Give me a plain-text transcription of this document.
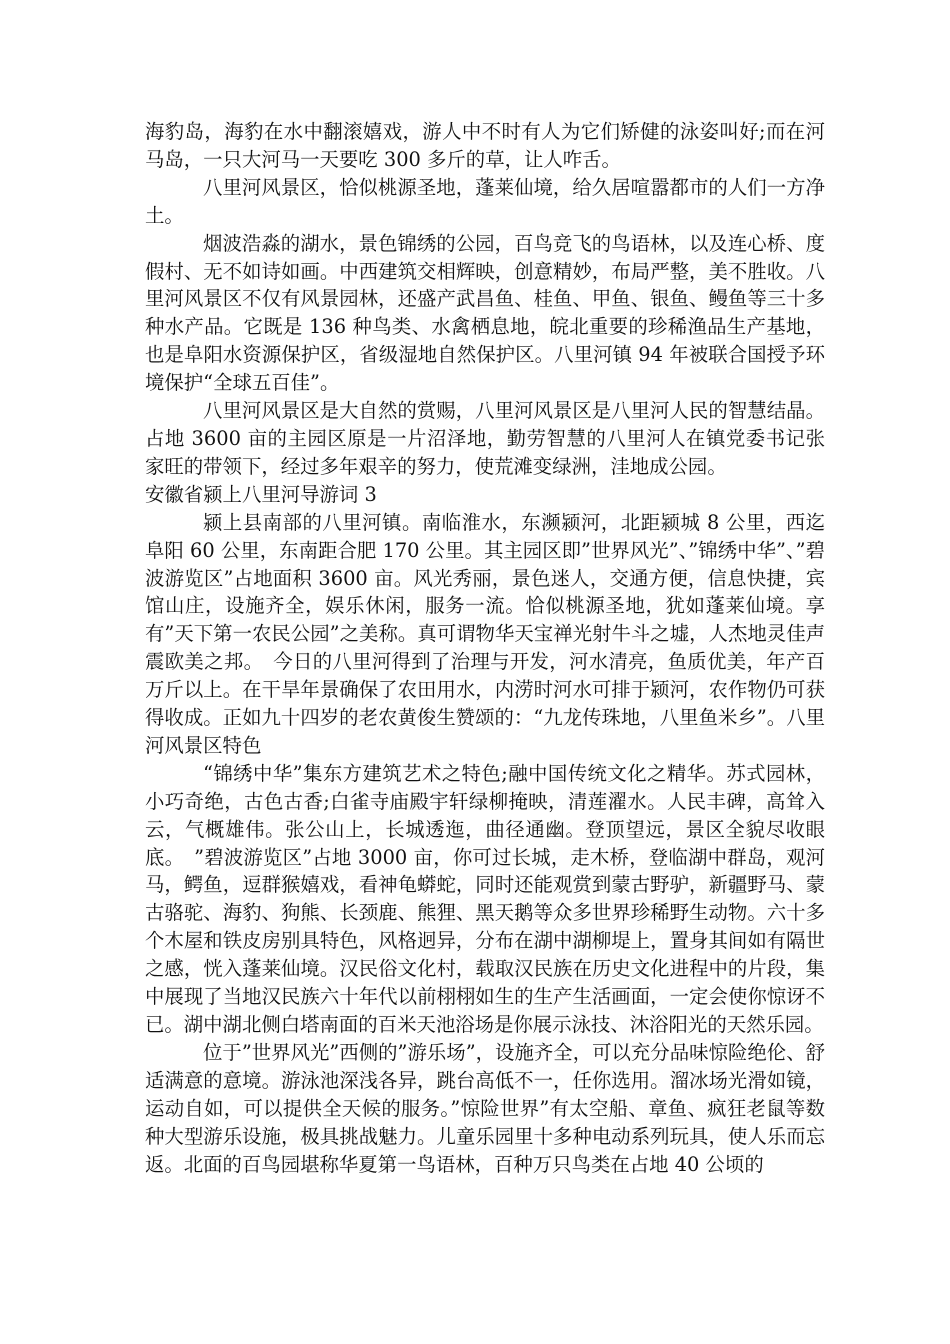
海豹岛，海豹在水中翻滚嬉戏，游人中不时有人为它们矫健的泳姿叫好;而在河马岛，一只大河马一天要吃 300 多斤的草，让人咋舌。

八里河风景区，恰似桃源圣地，蓬莱仙境，给久居喧嚣都市的人们一方净土。

烟波浩淼的湖水，景色锦绣的公园，百鸟竞飞的鸟语林，以及连心桥、度假村、无不如诗如画。中西建筑交相辉映，创意精妙，布局严整，美不胜收。八里河风景区不仅有风景园林，还盛产武昌鱼、桂鱼、甲鱼、银鱼、鳗鱼等三十多种水产品。它既是 136 种鸟类、水禽栖息地，皖北重要的珍稀渔品生产基地，也是阜阳水资源保护区，省级湿地自然保护区。八里河镇 94 年被联合国授予环境保护“全球五百佳”。

八里河风景区是大自然的赏赐，八里河风景区是八里河人民的智慧结晶。占地 3600 亩的主园区原是一片沼泽地，勤劳智慧的八里河人在镇党委书记张家旺的带领下，经过多年艰辛的努力，使荒滩变绿洲，洼地成公园。

安徽省颍上八里河导游词 3

颍上县南部的八里河镇。南临淮水，东濒颍河，北距颍城 8 公里，西迄阜阳 60 公里，东南距合肥 170 公里。其主园区即”世界风光”、”锦绣中华”、”碧波游览区”占地面积 3600 亩。风光秀丽，景色迷人，交通方便，信息快捷，宾馆山庄，设施齐全，娱乐休闲，服务一流。恰似桃源圣地，犹如蓬莱仙境。享有”天下第一农民公园”之美称。真可谓物华天宝禅光射牛斗之墟，人杰地灵佳声震欧美之邦。　今日的八里河得到了治理与开发，河水清亮，鱼质优美，年产百万斤以上。在干旱年景确保了农田用水，内涝时河水可排于颍河，农作物仍可获得收成。正如九十四岁的老农黄俊生赞颂的：“九龙传珠地，八里鱼米乡”。八里河风景区特色

“锦绣中华”集东方建筑艺术之特色;融中国传统文化之精华。苏式园林，小巧奇绝，古色古香;白雀寺庙殿宇轩绿柳掩映，清莲濯水。人民丰碑，高耸入云，气概雄伟。张公山上，长城透迤，曲径通幽。登顶望远，景区全貌尽收眼底。　”碧波游览区”占地 3000 亩，你可过长城，走木桥，登临湖中群岛，观河马，鳄鱼，逗群猴嬉戏，看神龟蟒蛇，同时还能观赏到蒙古野驴，新疆野马、蒙古骆驼、海豹、狗熊、长颈鹿、熊狸、黑天鹅等众多世界珍稀野生动物。六十多个木屋和铁皮房别具特色，风格迥异，分布在湖中湖柳堤上，置身其间如有隔世之感，恍入蓬莱仙境。汉民俗文化村，载取汉民族在历史文化进程中的片段，集中展现了当地汉民族六十年代以前栩栩如生的生产生活画面，一定会使你惊讶不已。湖中湖北侧白塔南面的百米天池浴场是你展示泳技、沐浴阳光的天然乐园。

位于”世界风光”西侧的”游乐场”，设施齐全，可以充分品味惊险绝伦、舒适满意的意境。游泳池深浅各异，跳台高低不一，任你选用。溜冰场光滑如镜，运动自如，可以提供全天候的服务。”惊险世界”有太空船、章鱼、疯狂老鼠等数种大型游乐设施，极具挑战魅力。儿童乐园里十多种电动系列玩具，使人乐而忘返。北面的百鸟园堪称华夏第一鸟语林，百种万只鸟类在占地 40 公顷的
